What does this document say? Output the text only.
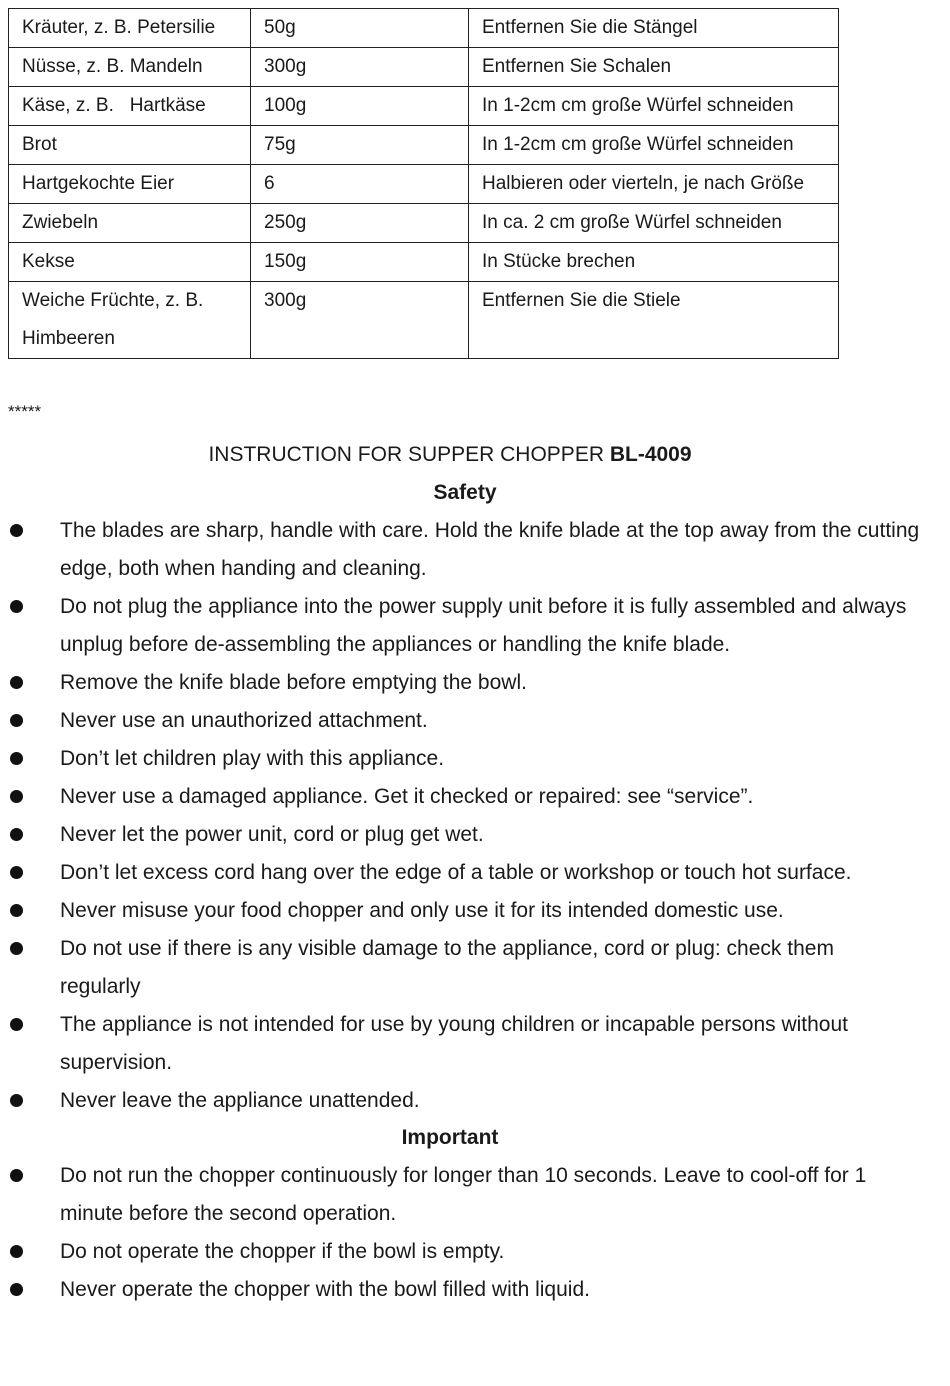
Kräuter, z. B. Petersilie	50g	Entfernen Sie die Stängel
Nüsse, z. B. Mandeln	300g	Entfernen Sie Schalen
Käse, z. B.   Hartkäse	100g	In 1-2cm cm große Würfel schneiden
Brot	75g	In 1-2cm cm große Würfel schneiden
Hartgekochte Eier	6	Halbieren oder vierteln, je nach Größe
Zwiebeln	250g	In ca. 2 cm große Würfel schneiden
Kekse	150g	In Stücke brechen
Weiche Früchte, z. B. Himbeeren	300g	Entfernen Sie die Stiele
*****
INSTRUCTION FOR SUPPER CHOPPER BL-4009
Safety
The blades are sharp, handle with care. Hold the knife blade at the top away from the cutting edge, both when handing and cleaning.
Do not plug the appliance into the power supply unit before it is fully assembled and always unplug before de-assembling the appliances or handling the knife blade.
Remove the knife blade before emptying the bowl.
Never use an unauthorized attachment.
Don’t let children play with this appliance.
Never use a damaged appliance. Get it checked or repaired: see “service”.
Never let the power unit, cord or plug get wet.
Don’t let excess cord hang over the edge of a table or workshop or touch hot surface.
Never misuse your food chopper and only use it for its intended domestic use.
Do not use if there is any visible damage to the appliance, cord or plug: check them regularly
The appliance is not intended for use by young children or incapable persons without supervision.
Never leave the appliance unattended.
Important
Do not run the chopper continuously for longer than 10 seconds. Leave to cool-off for 1 minute before the second operation.
Do not operate the chopper if the bowl is empty.
Never operate the chopper with the bowl filled with liquid.
